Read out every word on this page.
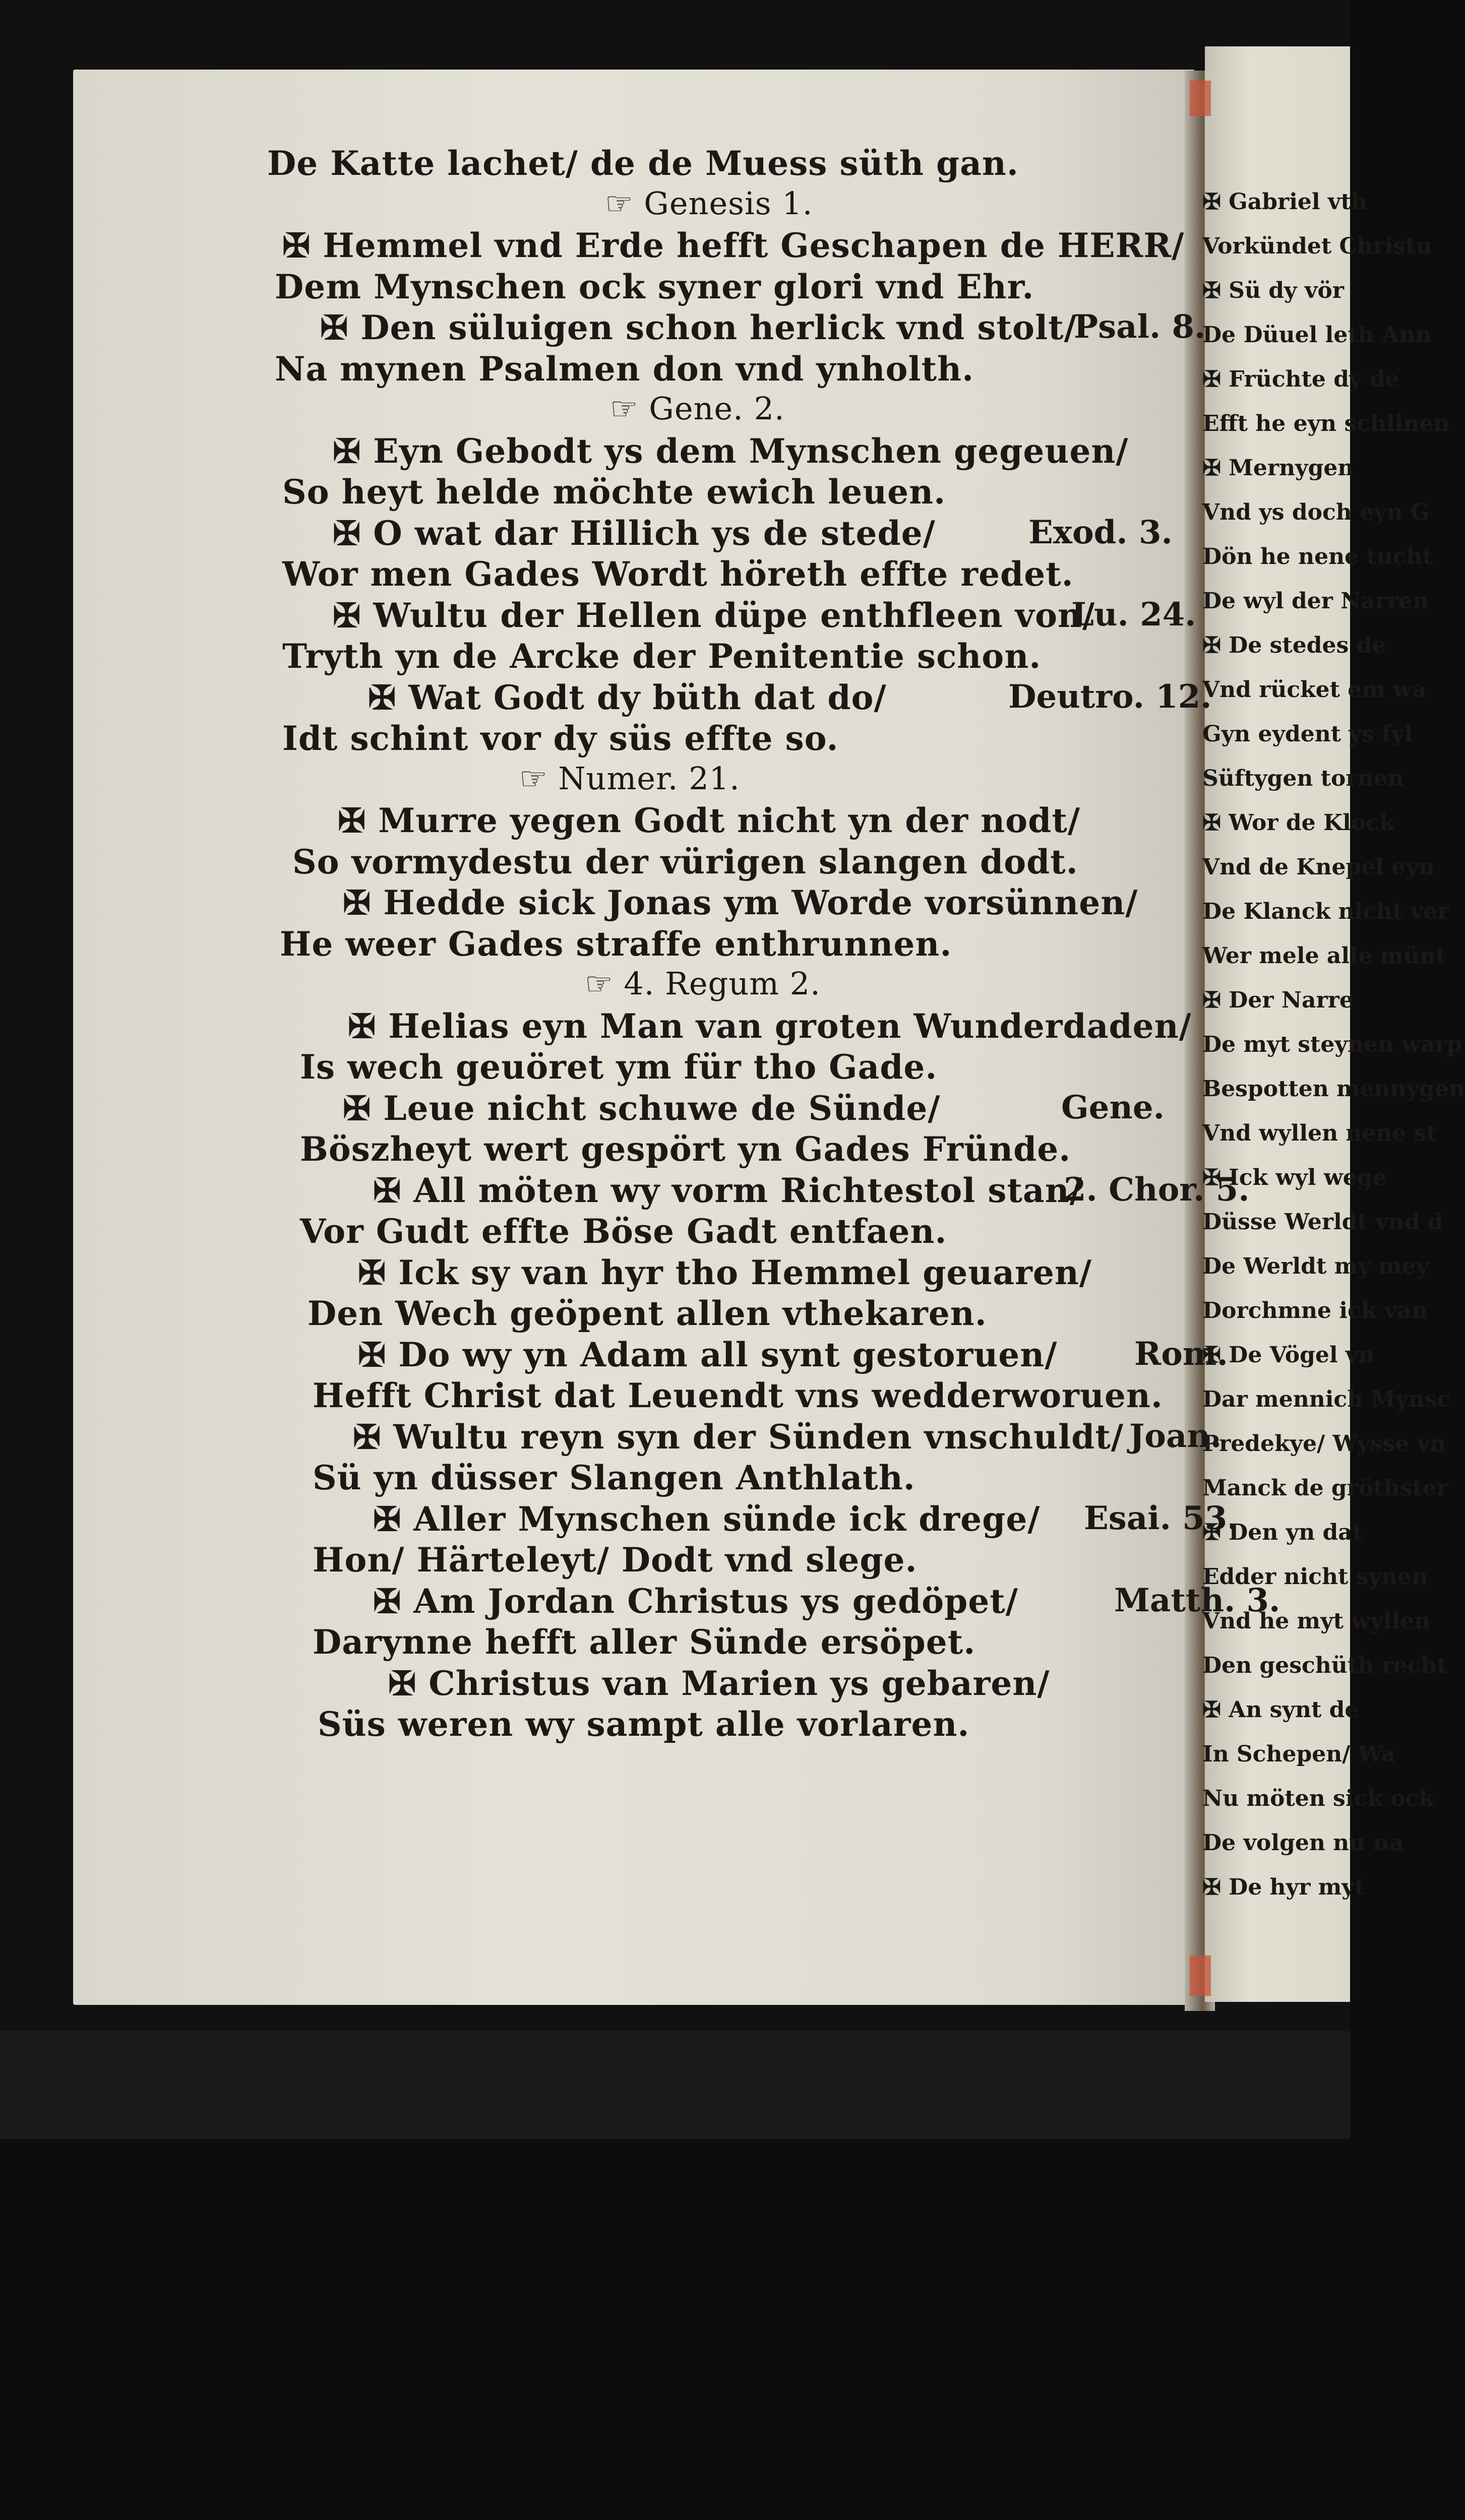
De Katte lachet/ de de Muess süth gan.
☞ Genesis 1.
✠ Hemmel vnd Erde hefft Geschapen de HERR/
Dem Mynschen ock syner glori vnd Ehr.
✠ Den süluigen schon herlick vnd stolt/
Na mynen Psalmen don vnd ynholth.
☞ Gene. 2.
✠ Eyn Gebodt ys dem Mynschen gegeuen/
So heyt helde möchte ewich leuen.
✠ O wat dar Hillich ys de stede/
Wor men Gades Wordt höreth effte redet.
✠ Wultu der Hellen düpe enthfleen von/
Tryth yn de Arcke der Penitentie schon.
✠ Wat Godt dy büth dat do/
Idt schint vor dy süs effte so.
☞ Numer. 21.
✠ Murre yegen Godt nicht yn der nodt/
So vormydestu der vürigen slangen dodt.
✠ Hedde sick Jonas ym Worde vorsünnen/
He weer Gades straffe enthrunnen.
☞ 4. Regum 2.
✠ Helias eyn Man van groten Wunderdaden/
Is wech geuöret ym für tho Gade.
✠ Leue nicht schuwe de Sünde/
Böszheyt wert gespört yn Gades Fründe.
✠ All möten wy vorm Richtestol stan/
Vor Gudt effte Böse Gadt entfaen.
✠ Ick sy van hyr tho Hemmel geuaren/
Den Wech geöpent allen vthekaren.
✠ Do wy yn Adam all synt gestoruen/
Hefft Christ dat Leuendt vns wedderworuen.
✠ Wultu reyn syn der Sünden vnschuldt/
Sü yn düsser Slangen Anthlath.
✠ Aller Mynschen sünde ick drege/
Hon/ Härteleyt/ Dodt vnd slege.
✠ Am Jordan Christus ys gedöpet/
Darynne hefft aller Sünde ersöpet.
✠ Christus van Marien ys gebaren/
Süs weren wy sampt alle vorlaren.
Psal. 8.
Exod. 3.
Lu. 24.
Deutro. 12.
Gene.
2. Chor. 5.
Rom.
Joan.
Esai. 53.
Matth. 3.
✠ Gabriel vth
Vorkündet Christu
✠ Sü dy vör
De Düuel leth Ann
✠ Früchte dy de
Efft he eyn schlinen
✠ Mernygen
Vnd ys doch eyn G
Dön he nene tucht
De wyl der Narren
✠ De stedes de
Vnd rücket em wa
Gyn eydent ys fyl
Süftygen tornen
✠ Wor de Klock
Vnd de Knepel eyn
De Klanck nicht ver
Wer mele alle münt
✠ Der Narre
De myt steynen warp
Bespotten mennygen
Vnd wyllen nene st
✠ Ick wyl wege
Düsse Werldt vnd d
De Werldt my mey
Dorchmne ick van
✠ De Vögel vn
Dar mennich Mynsc
Predekye/ Wysse vn
Manck de gröthster
✠ Den yn dat
Edder nicht synen
Vnd he myt wyllen
Den geschüth recht
✠ An synt de
In Schepen/ Wa
Nu möten sick ock
De volgen nu na
✠ De hyr myt
